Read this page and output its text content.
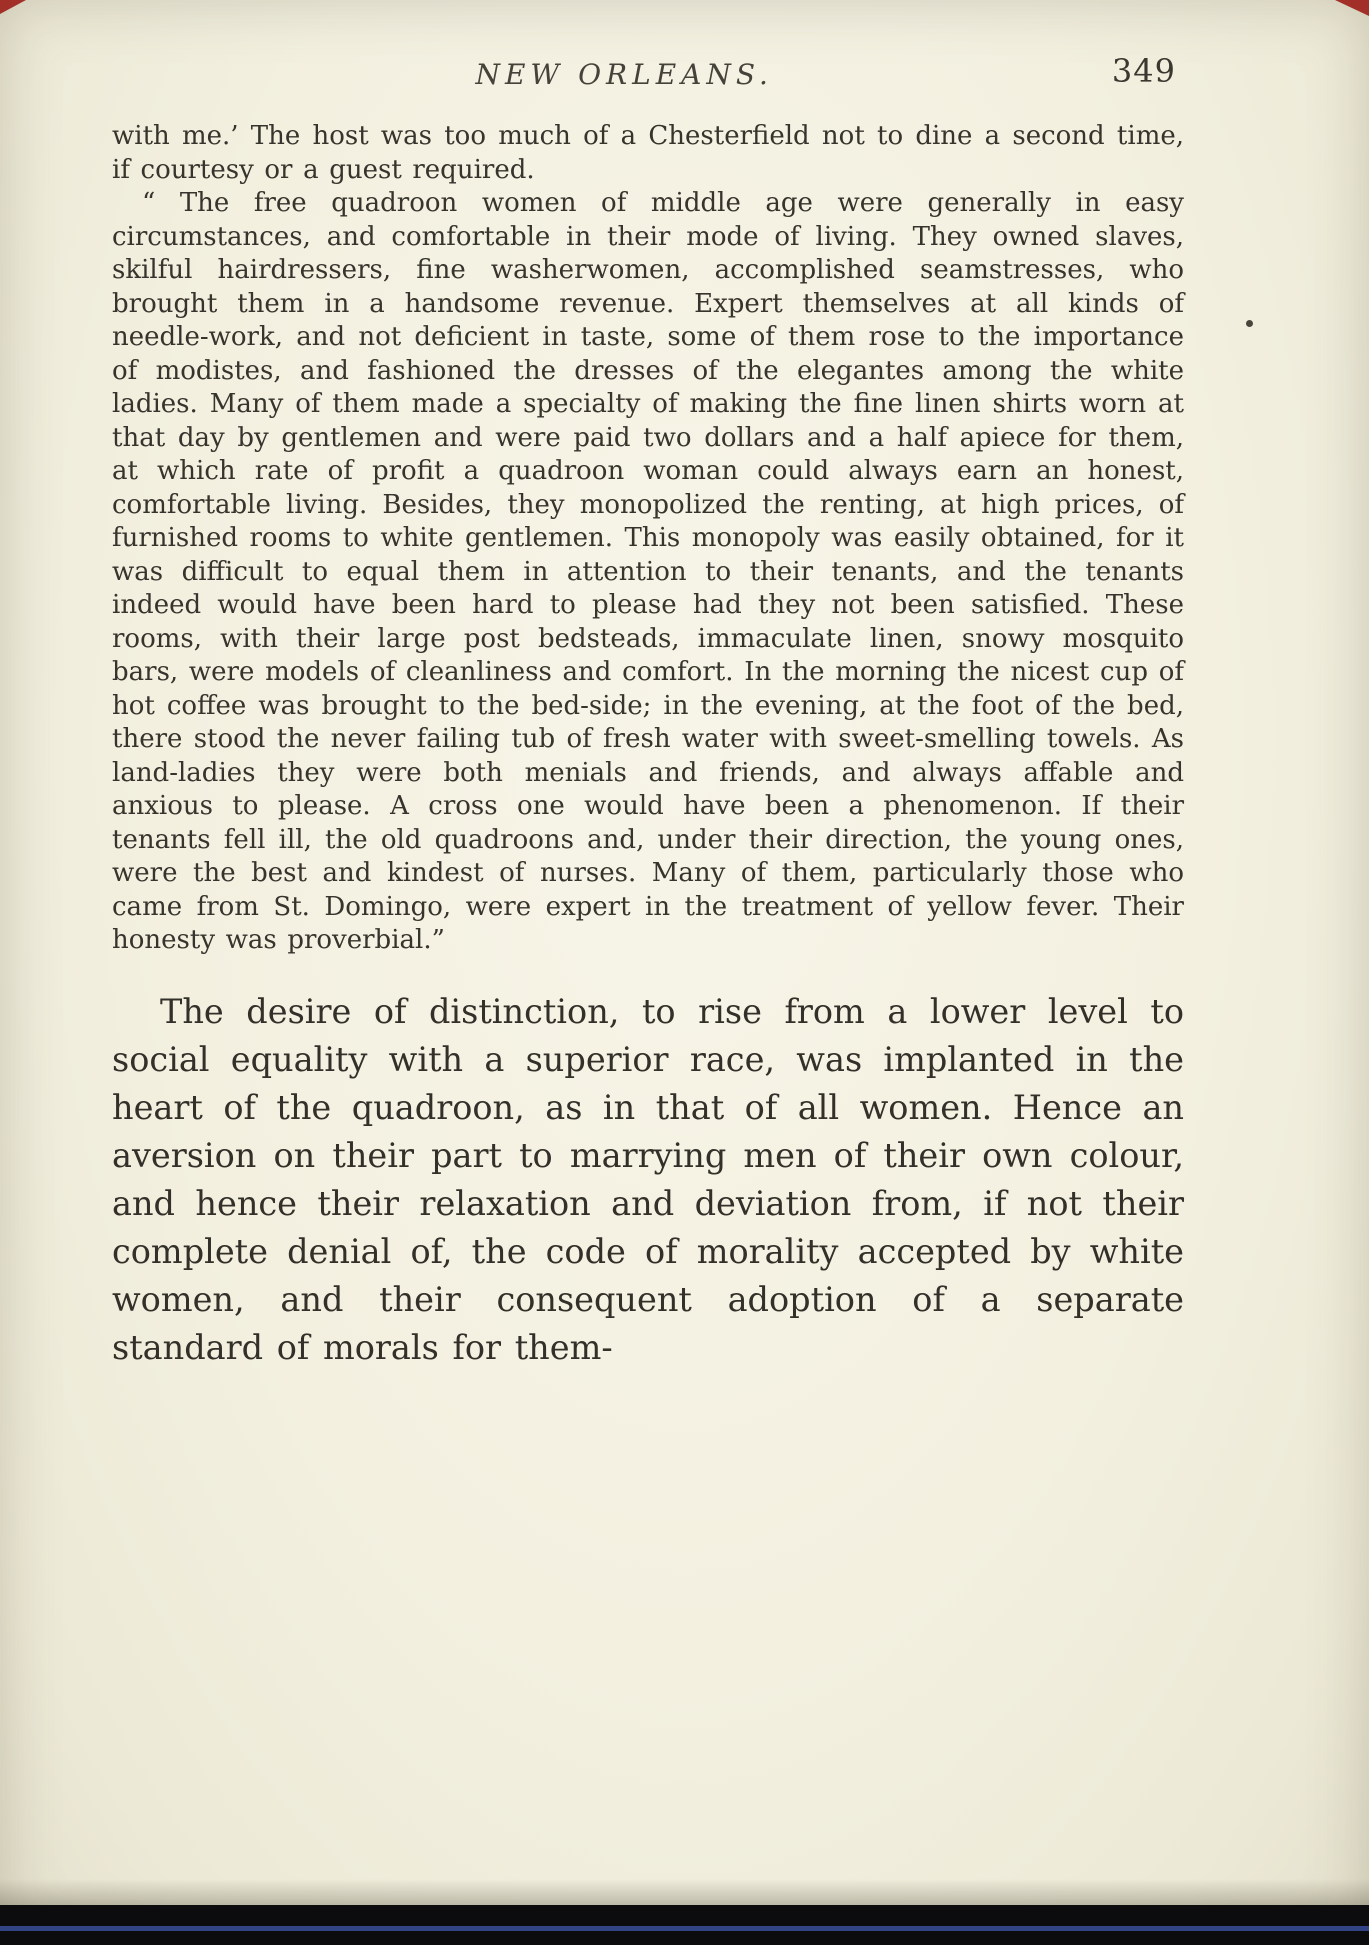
NEW ORLEANS.	349

with me.’ The host was too much of a Chesterfield not to dine a second time, if courtesy or a guest required.

“ The free quadroon women of middle age were generally in easy circumstances, and comfortable in their mode of living. They owned slaves, skilful hairdressers, fine washerwomen, accomplished seamstresses, who brought them in a handsome revenue. Expert themselves at all kinds of needle-work, and not deficient in taste, some of them rose to the importance of modistes, and fashioned the dresses of the elegantes among the white ladies. Many of them made a specialty of making the fine linen shirts worn at that day by gentlemen and were paid two dollars and a half apiece for them, at which rate of profit a quadroon woman could always earn an honest, comfortable living. Besides, they monopolized the renting, at high prices, of furnished rooms to white gentlemen. This monopoly was easily obtained, for it was difficult to equal them in attention to their tenants, and the tenants indeed would have been hard to please had they not been satisfied. These rooms, with their large post bedsteads, immaculate linen, snowy mosquito bars, were models of cleanliness and comfort. In the morning the nicest cup of hot coffee was brought to the bed-side; in the evening, at the foot of the bed, there stood the never failing tub of fresh water with sweet-smelling towels. As land-ladies they were both menials and friends, and always affable and anxious to please. A cross one would have been a phenomenon. If their tenants fell ill, the old quadroons and, under their direction, the young ones, were the best and kindest of nurses. Many of them, particularly those who came from St. Domingo, were expert in the treatment of yellow fever. Their honesty was proverbial.”

The desire of distinction, to rise from a lower level to social equality with a superior race, was implanted in the heart of the quadroon, as in that of all women. Hence an aversion on their part to marrying men of their own colour, and hence their relaxation and deviation from, if not their complete denial of, the code of morality accepted by white women, and their consequent adoption of a separate standard of morals for them-
